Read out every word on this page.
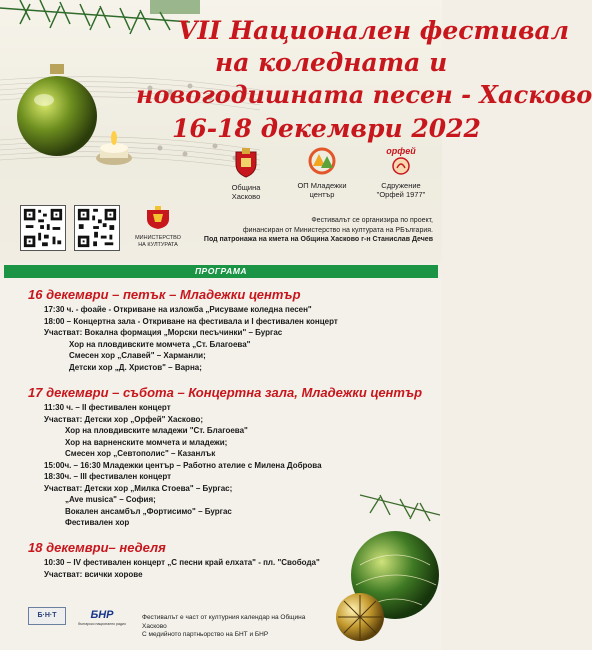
VII Национален фестивал
на коледната и
новогодишната песен - Хасково
16-18 декември 2022
Община Хасково
ОП Младежки
център
орфей
Сдружение
"Орфей 1977"
МИНИСТЕРСТВО
НА КУЛТУРАТА
Фестивалът се организира по проект,
финансиран от Министерство на културата на РБългария.
Под патронажа на кмета на Община Хасково г-н Станислав Дечев
ПРОГРАМА
16 декември – петък – Младежки център
17:30 ч. - фоайе - Откриване на изложба „Рисуваме коледна песен"
18:00 – Концертна зала - Откриване на фестивала и I фестивален концерт
Участват: Вокална формация „Морски песъчинки" – Бургас
Хор на пловдивските момчета „Ст. Благоева"
Смесен хор „Славей" – Харманли;
Детски хор „Д. Христов" – Варна;
17 декември – събота – Концертна зала, Младежки център
11:30 ч. – II фестивален концерт
Участват: Детски хор „Орфей" Хасково;
Хор на пловдивските младежи "Ст. Благоева"
Хор на варненските момчета и младежи;
Смесен хор „Севтополис" – Казанлък
15:00ч. – 16:30 Младежки център – Работно ателие с Милена Доброва
18:30ч. – III фестивален концерт
Участват: Детски хор „Милка Стоева" – Бургас;
„Ave musica" – София;
Вокален ансамбъл „Фортисимо" – Бургас
Фестивален хор
18 декември– неделя
10:30 – IV фестивален концерт „С песни край елхата" - пл. "Свобода"
Участват: всички хорове
Б·Н·Т	БНР
българско национално радио
Фестивалът е част от културния календар на Община Хасково
С медийното партньорство на БНТ и БНР
